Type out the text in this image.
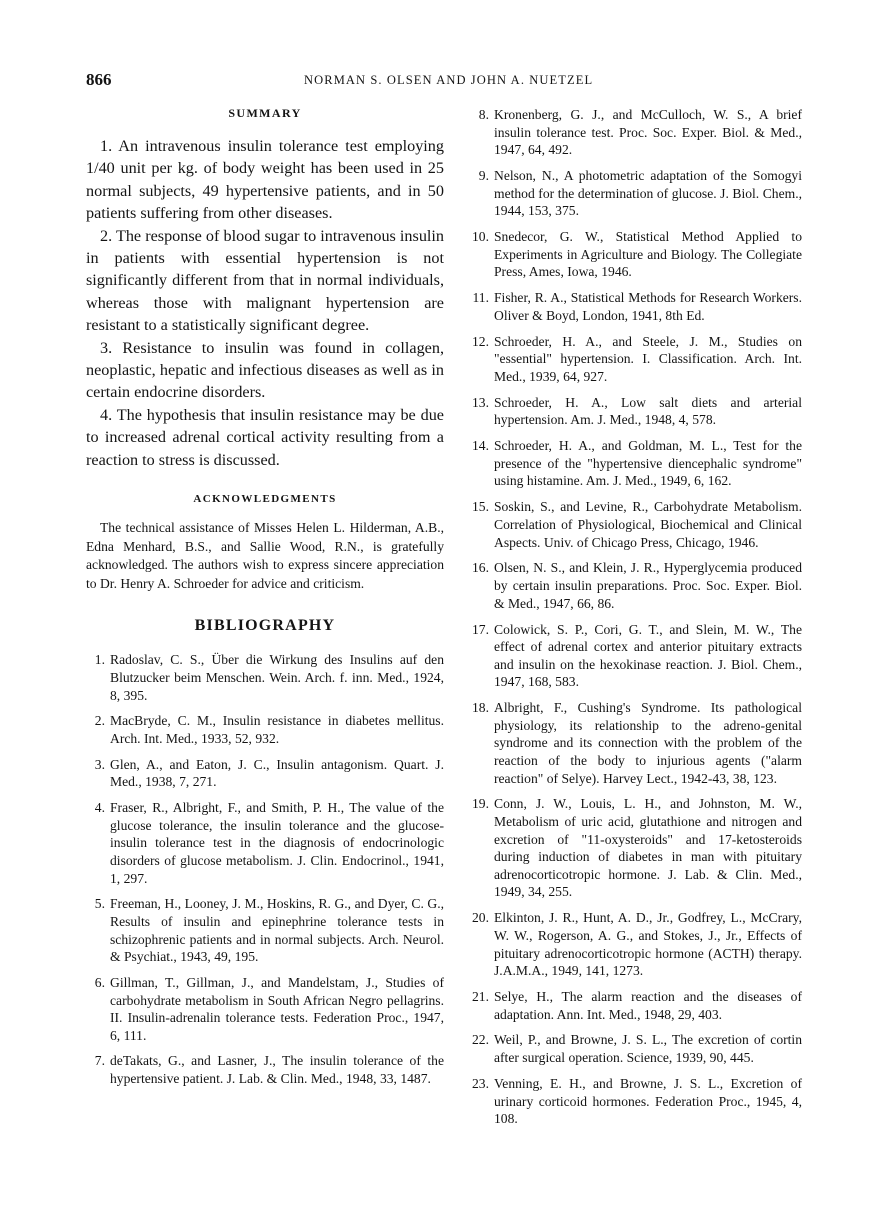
866	NORMAN S. OLSEN AND JOHN A. NUETZEL
SUMMARY

1. An intravenous insulin tolerance test employing 1/40 unit per kg. of body weight has been used in 25 normal subjects, 49 hypertensive patients, and in 50 patients suffering from other diseases.

2. The response of blood sugar to intravenous insulin in patients with essential hypertension is not significantly different from that in normal individuals, whereas those with malignant hypertension are resistant to a statistically significant degree.

3. Resistance to insulin was found in collagen, neoplastic, hepatic and infectious diseases as well as in certain endocrine disorders.

4. The hypothesis that insulin resistance may be due to increased adrenal cortical activity resulting from a reaction to stress is discussed.

ACKNOWLEDGMENTS

The technical assistance of Misses Helen L. Hilderman, A.B., Edna Menhard, B.S., and Sallie Wood, R.N., is gratefully acknowledged. The authors wish to express sincere appreciation to Dr. Henry A. Schroeder for advice and criticism.

BIBLIOGRAPHY
1. Radoslav, C. S., Über die Wirkung des Insulins auf den Blutzucker beim Menschen. Wein. Arch. f. inn. Med., 1924, 8, 395.
2. MacBryde, C. M., Insulin resistance in diabetes mellitus. Arch. Int. Med., 1933, 52, 932.
3. Glen, A., and Eaton, J. C., Insulin antagonism. Quart. J. Med., 1938, 7, 271.
4. Fraser, R., Albright, F., and Smith, P. H., The value of the glucose tolerance, the insulin tolerance and the glucose-insulin tolerance test in the diagnosis of endocrinologic disorders of glucose metabolism. J. Clin. Endocrinol., 1941, 1, 297.
5. Freeman, H., Looney, J. M., Hoskins, R. G., and Dyer, C. G., Results of insulin and epinephrine tolerance tests in schizophrenic patients and in normal subjects. Arch. Neurol. & Psychiat., 1943, 49, 195.
6. Gillman, T., Gillman, J., and Mandelstam, J., Studies of carbohydrate metabolism in South African Negro pellagrins. II. Insulin-adrenalin tolerance tests. Federation Proc., 1947, 6, 111.
7. deTakats, G., and Lasner, J., The insulin tolerance of the hypertensive patient. J. Lab. & Clin. Med., 1948, 33, 1487.
8. Kronenberg, G. J., and McCulloch, W. S., A brief insulin tolerance test. Proc. Soc. Exper. Biol. & Med., 1947, 64, 492.
9. Nelson, N., A photometric adaptation of the Somogyi method for the determination of glucose. J. Biol. Chem., 1944, 153, 375.
10. Snedecor, G. W., Statistical Method Applied to Experiments in Agriculture and Biology. The Collegiate Press, Ames, Iowa, 1946.
11. Fisher, R. A., Statistical Methods for Research Workers. Oliver & Boyd, London, 1941, 8th Ed.
12. Schroeder, H. A., and Steele, J. M., Studies on "essential" hypertension. I. Classification. Arch. Int. Med., 1939, 64, 927.
13. Schroeder, H. A., Low salt diets and arterial hypertension. Am. J. Med., 1948, 4, 578.
14. Schroeder, H. A., and Goldman, M. L., Test for the presence of the "hypertensive diencephalic syndrome" using histamine. Am. J. Med., 1949, 6, 162.
15. Soskin, S., and Levine, R., Carbohydrate Metabolism. Correlation of Physiological, Biochemical and Clinical Aspects. Univ. of Chicago Press, Chicago, 1946.
16. Olsen, N. S., and Klein, J. R., Hyperglycemia produced by certain insulin preparations. Proc. Soc. Exper. Biol. & Med., 1947, 66, 86.
17. Colowick, S. P., Cori, G. T., and Slein, M. W., The effect of adrenal cortex and anterior pituitary extracts and insulin on the hexokinase reaction. J. Biol. Chem., 1947, 168, 583.
18. Albright, F., Cushing's Syndrome. Its pathological physiology, its relationship to the adreno-genital syndrome and its connection with the problem of the reaction of the body to injurious agents ("alarm reaction" of Selye). Harvey Lect., 1942-43, 38, 123.
19. Conn, J. W., Louis, L. H., and Johnston, M. W., Metabolism of uric acid, glutathione and nitrogen and excretion of "11-oxysteroids" and 17-ketosteroids during induction of diabetes in man with pituitary adrenocorticotropic hormone. J. Lab. & Clin. Med., 1949, 34, 255.
20. Elkinton, J. R., Hunt, A. D., Jr., Godfrey, L., McCrary, W. W., Rogerson, A. G., and Stokes, J., Jr., Effects of pituitary adrenocorticotropic hormone (ACTH) therapy. J.A.M.A., 1949, 141, 1273.
21. Selye, H., The alarm reaction and the diseases of adaptation. Ann. Int. Med., 1948, 29, 403.
22. Weil, P., and Browne, J. S. L., The excretion of cortin after surgical operation. Science, 1939, 90, 445.
23. Venning, E. H., and Browne, J. S. L., Excretion of urinary corticoid hormones. Federation Proc., 1945, 4, 108.
